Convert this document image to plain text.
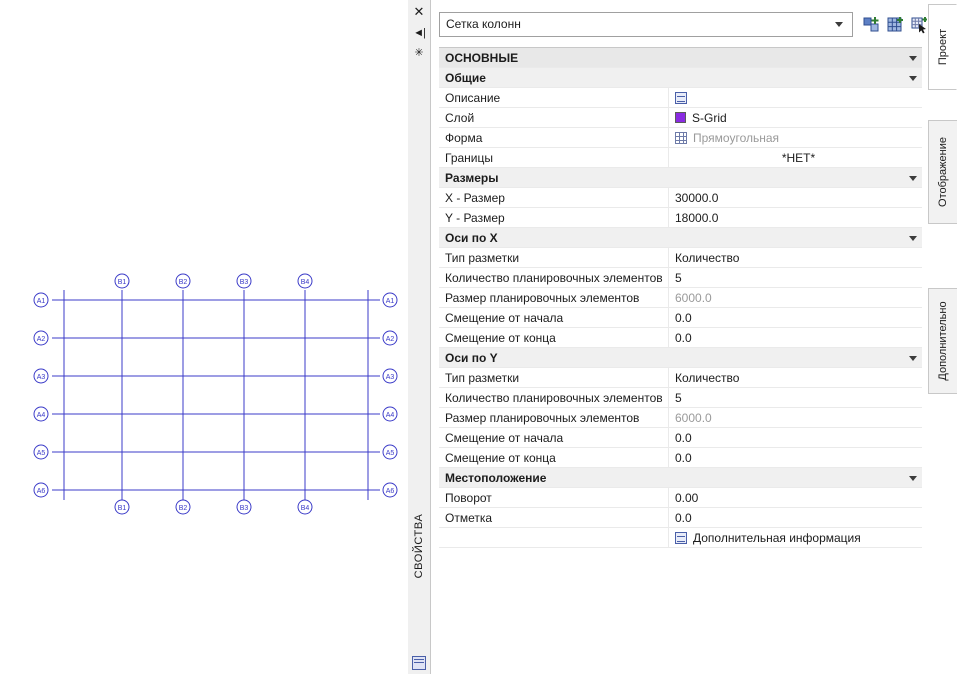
В1	В2	В3	В4
В1	В2	В3	В4
А1
А2
А3
А4
А5
А6
А1
А2
А3
А4
А5
А6
✕
◄|
✳
СВОЙСТВА
Сетка колонн
ОСНОВНЫЕ		
Общие		
Описание		

Слой	S-Grid	

Форма	Прямоугольная	

Границы	*НЕТ*	
Размеры		
X - Размер	30000.0	
Y - Размер	18000.0	
Оси по X		
Тип разметки	Количество	
Количество планировочных элементов	5	
Размер планировочных элементов	6000.0	
Смещение от начала	0.0	
Смещение от конца	0.0	
Оси по Y		
Тип разметки	Количество	
Количество планировочных элементов	5	
Размер планировочных элементов	6000.0	
Смещение от начала	0.0	
Смещение от конца	0.0	
Местоположение		
Поворот	0.00	
Отметка	0.0	

	Дополнительная информация	
Проект
Отображение
Дополнительно
